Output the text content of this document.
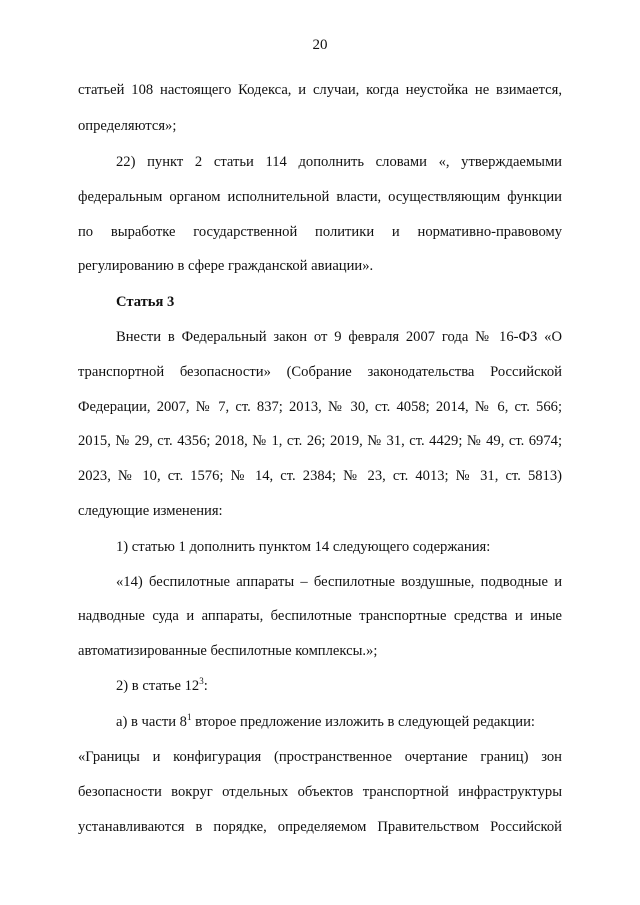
20
статьей 108 настоящего Кодекса, и случаи, когда неустойка не взимается,
определяются»;
22) пункт 2 статьи 114 дополнить словами «, утверждаемыми
федеральным органом исполнительной власти, осуществляющим функции
по выработке государственной политики и нормативно-правовому
регулированию в сфере гражданской авиации».
Статья 3
Внести в Федеральный закон от 9 февраля 2007 года № 16-ФЗ «О
транспортной безопасности» (Собрание законодательства Российской
Федерации, 2007, № 7, ст. 837; 2013, № 30, ст. 4058; 2014, № 6, ст. 566;
2015, № 29, ст. 4356; 2018, № 1, ст. 26; 2019, № 31, ст. 4429; № 49, ст. 6974;
2023, № 10, ст. 1576; № 14, ст. 2384; № 23, ст. 4013; № 31, ст. 5813)
следующие изменения:
1) статью 1 дополнить пунктом 14 следующего содержания:
«14) беспилотные аппараты – беспилотные воздушные, подводные и
надводные суда и аппараты, беспилотные транспортные средства и иные
автоматизированные беспилотные комплексы.»;
2) в статье $12^3$:
а) в части $8^1$ второе предложение изложить в следующей редакции:
«Границы и конфигурация (пространственное очертание границ) зон
безопасности вокруг отдельных объектов транспортной инфраструктуры
устанавливаются в порядке, определяемом Правительством Российской
